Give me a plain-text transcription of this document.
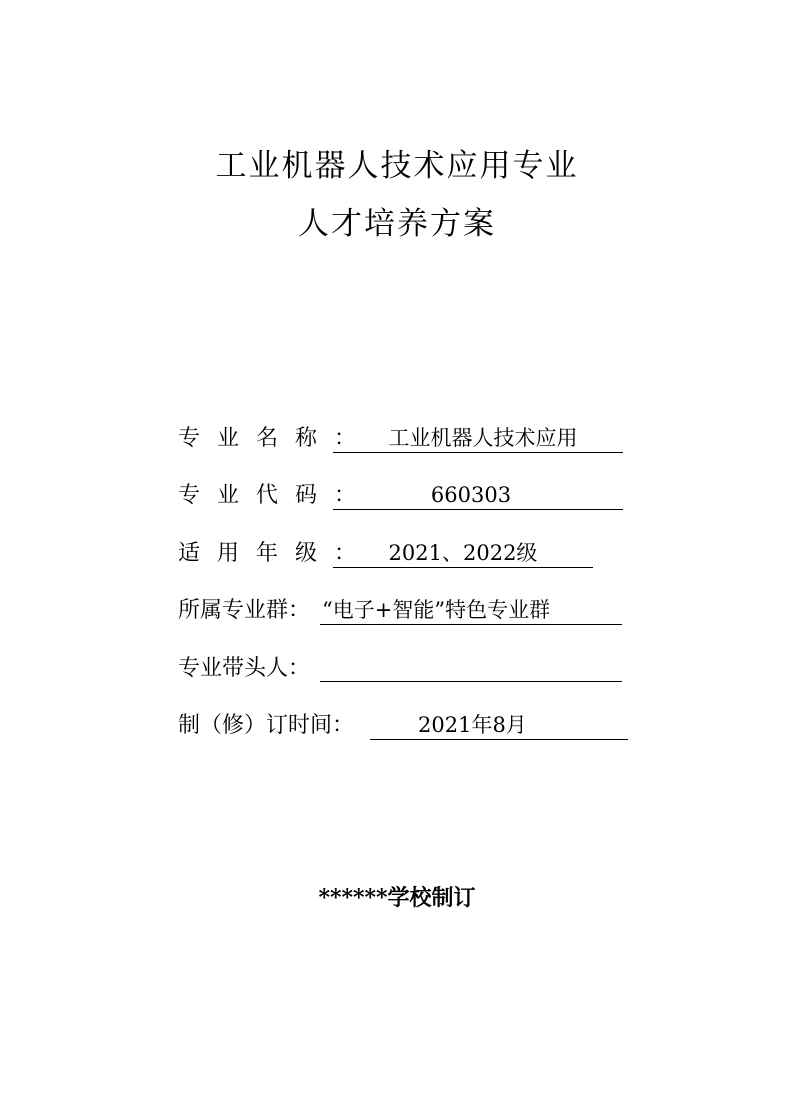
工业机器人技术应用专业
人才培养方案
专业名称： 工业机器人技术应用
专业代码：	660303
适用年级： 2021、2022级
所属专业群： “电子+智能”特色专业群
专业带头人：
制（修）订时间：	2021年8月
******学校制订
